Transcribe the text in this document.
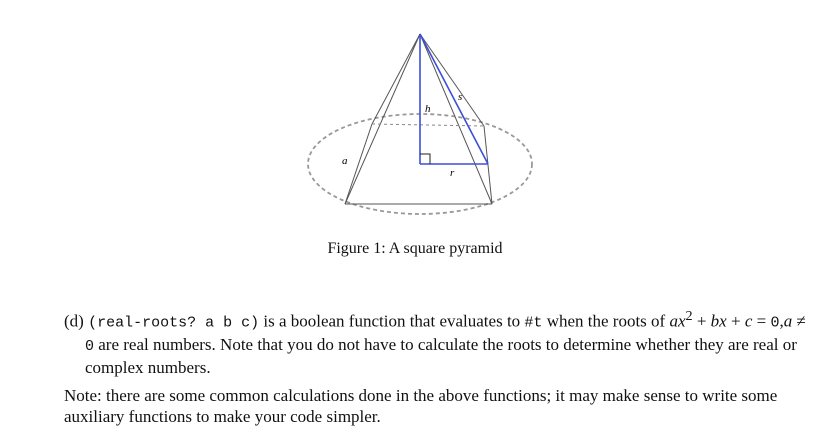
h
s
r
a
Figure 1: A square pyramid
(d) (real-roots? a b c) is a boolean function that evaluates to #t when the roots of $ax^2$ + bx + c = 0,a ≠ 0 are real numbers. Note that you do not have to calculate the roots to determine whether they are real or complex numbers.
Note: there are some common calculations done in the above functions; it may make sense to write some auxiliary functions to make your code simpler.
